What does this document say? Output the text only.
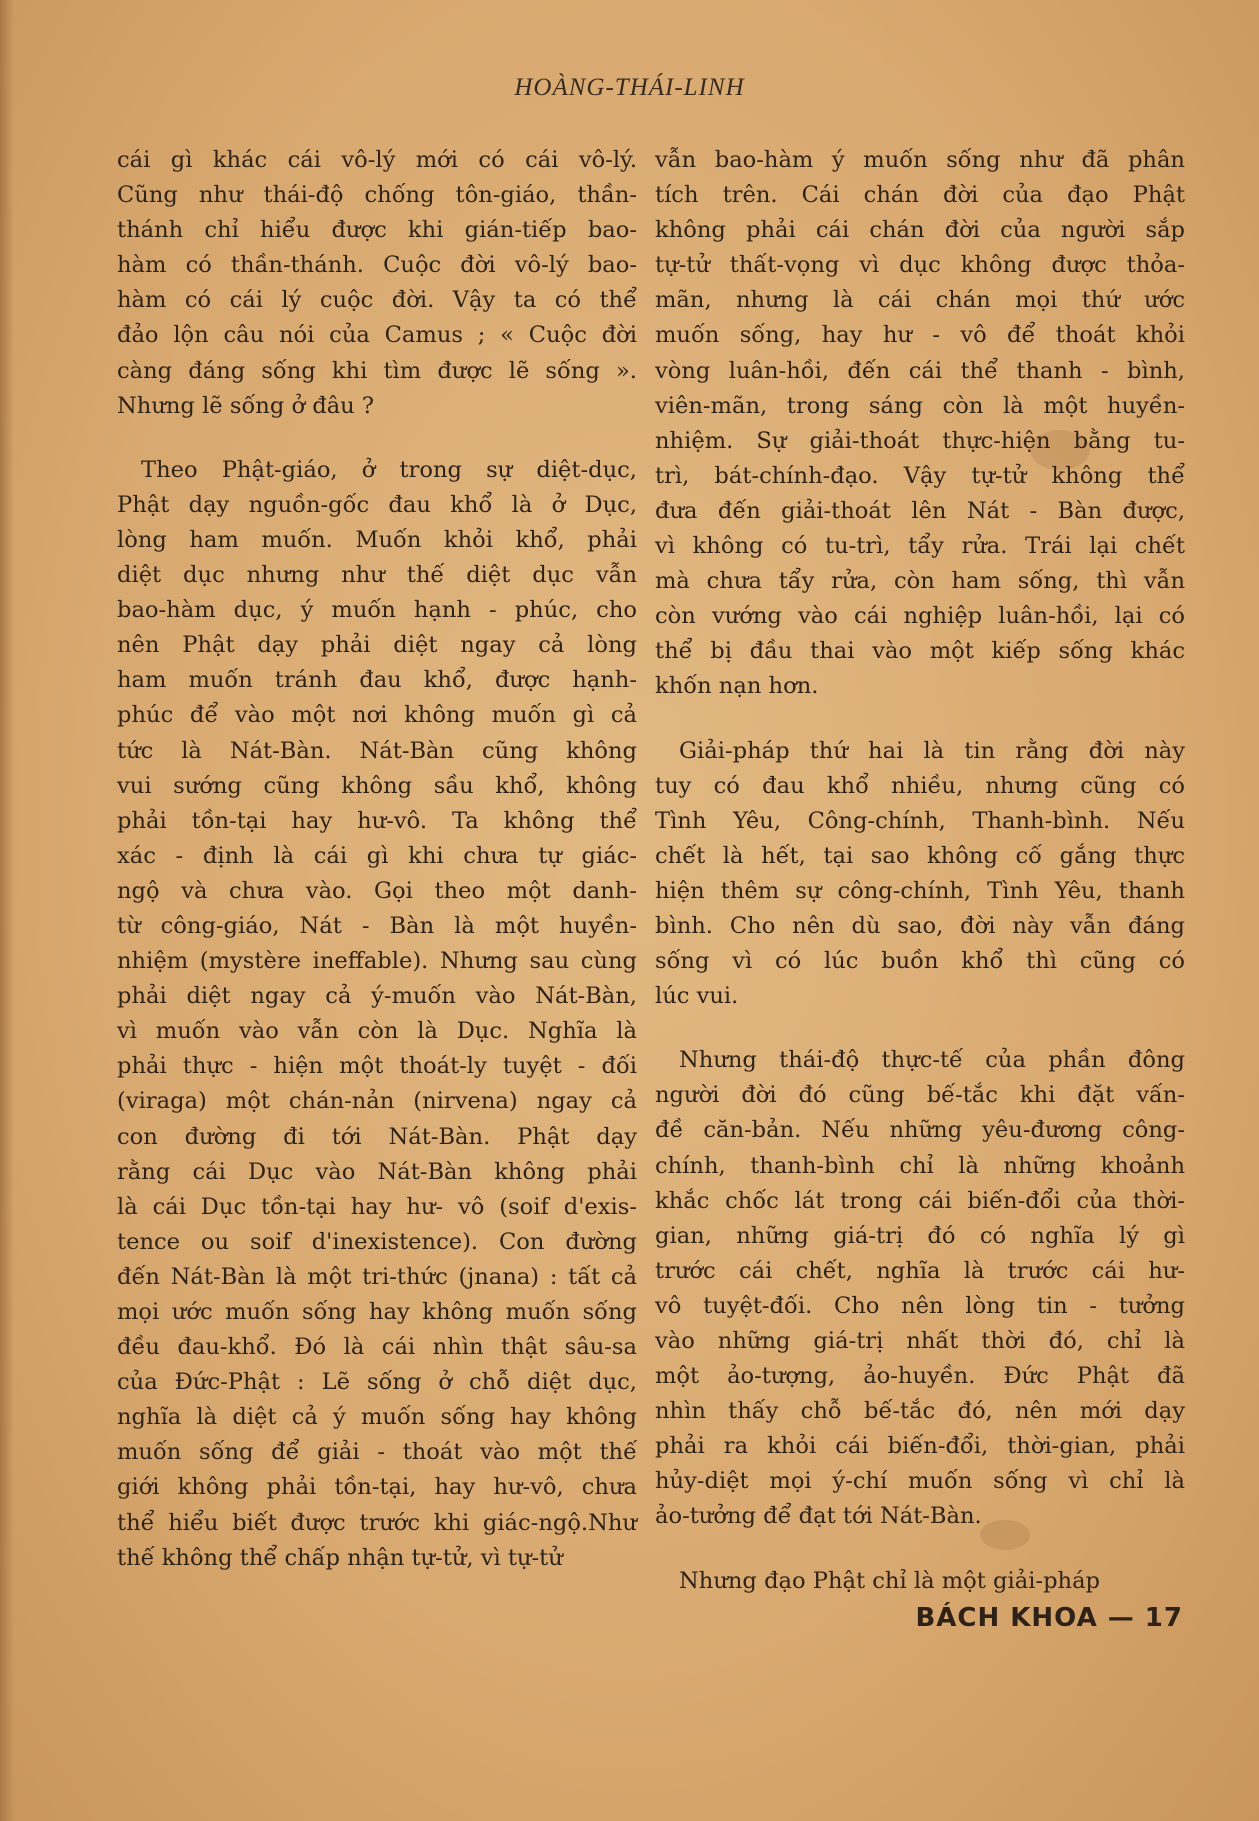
HOÀNG-THÁI-LINH

cái gì khác cái vô-lý mới có cái vô-lý.
Cũng như thái-độ chống tôn-giáo, thần-
thánh chỉ hiểu được khi gián-tiếp bao-
hàm có thần-thánh. Cuộc đời vô-lý bao-
hàm có cái lý cuộc đời. Vậy ta có thể
đảo lộn câu nói của Camus ; « Cuộc đời
càng đáng sống khi tìm được lẽ sống ».
Nhưng lẽ sống ở đâu ?

Theo Phật-giáo, ở trong sự diệt-dục,
Phật dạy nguồn-gốc đau khổ là ở Dục,
lòng ham muốn. Muốn khỏi khổ, phải
diệt dục nhưng như thế diệt dục vẫn
bao-hàm dục, ý muốn hạnh - phúc, cho
nên Phật dạy phải diệt ngay cả lòng
ham muốn tránh đau khổ, được hạnh-
phúc để vào một nơi không muốn gì cả
tức là Nát-Bàn. Nát-Bàn cũng không
vui sướng cũng không sầu khổ, không
phải tồn-tại hay hư-vô. Ta không thể
xác - định là cái gì khi chưa tự giác-
ngộ và chưa vào. Gọi theo một danh-
từ công-giáo, Nát - Bàn là một huyền-
nhiệm (mystère ineffable). Nhưng sau cùng
phải diệt ngay cả ý-muốn vào Nát-Bàn,
vì muốn vào vẫn còn là Dục. Nghĩa là
phải thực - hiện một thoát-ly tuyệt - đối
(viraga) một chán-nản (nirvena) ngay cả
con đường đi tới Nát-Bàn. Phật dạy
rằng cái Dục vào Nát-Bàn không phải
là cái Dục tồn-tại hay hư- vô (soif d'exis-
tence ou soif d'inexistence). Con đường
đến Nát-Bàn là một tri-thức (jnana) : tất cả
mọi ước muốn sống hay không muốn sống
đều đau-khổ. Đó là cái nhìn thật sâu-sa
của Đức-Phật : Lẽ sống ở chỗ diệt dục,
nghĩa là diệt cả ý muốn sống hay không
muốn sống để giải - thoát vào một thế
giới không phải tồn-tại, hay hư-vô, chưa
thể hiểu biết được trước khi giác-ngộ.Như
thế không thể chấp nhận tự-tử, vì tự-tử

vẫn bao-hàm ý muốn sống như đã phân
tích trên. Cái chán đời của đạo Phật
không phải cái chán đời của người sắp
tự-tử thất-vọng vì dục không được thỏa-
mãn, nhưng là cái chán mọi thứ ước
muốn sống, hay hư - vô để thoát khỏi
vòng luân-hồi, đến cái thể thanh - bình,
viên-mãn, trong sáng còn là một huyền-
nhiệm. Sự giải-thoát thực-hiện bằng tu-
trì, bát-chính-đạo. Vậy tự-tử không thể
đưa đến giải-thoát lên Nát - Bàn được,
vì không có tu-trì, tẩy rửa. Trái lại chết
mà chưa tẩy rửa, còn ham sống, thì vẫn
còn vướng vào cái nghiệp luân-hồi, lại có
thể bị đầu thai vào một kiếp sống khác
khốn nạn hơn.

Giải-pháp thứ hai là tin rằng đời này
tuy có đau khổ nhiều, nhưng cũng có
Tình Yêu, Công-chính, Thanh-bình. Nếu
chết là hết, tại sao không cố gắng thực
hiện thêm sự công-chính, Tình Yêu, thanh
bình. Cho nên dù sao, đời này vẫn đáng
sống vì có lúc buồn khổ thì cũng có
lúc vui.

Nhưng thái-độ thực-tế của phần đông
người đời đó cũng bế-tắc khi đặt vấn-
đề căn-bản. Nếu những yêu-đương công-
chính, thanh-bình chỉ là những khoảnh
khắc chốc lát trong cái biến-đổi của thời-
gian, những giá-trị đó có nghĩa lý gì
trước cái chết, nghĩa là trước cái hư-
vô tuyệt-đối. Cho nên lòng tin - tưởng
vào những giá-trị nhất thời đó, chỉ là
một ảo-tượng, ảo-huyền. Đức Phật đã
nhìn thấy chỗ bế-tắc đó, nên mới dạy
phải ra khỏi cái biến-đổi, thời-gian, phải
hủy-diệt mọi ý-chí muốn sống vì chỉ là
ảo-tưởng để đạt tới Nát-Bàn.

Nhưng đạo Phật chỉ là một giải-pháp

BÁCH KHOA — 17
